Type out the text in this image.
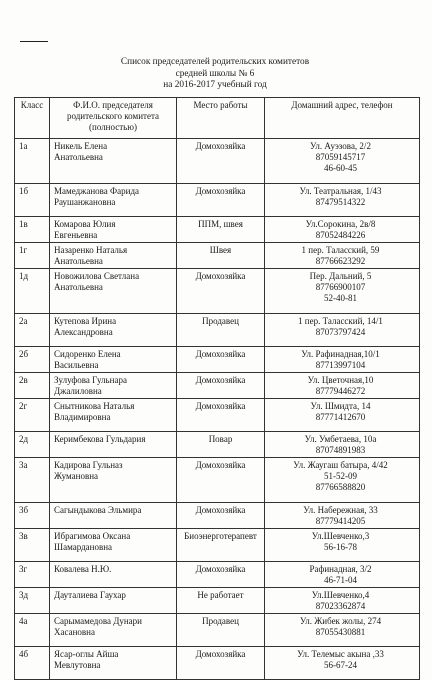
Список председателей родительских комитетов
средней школы № 6
на 2016-2017 учебный год
Класс	Ф.И.О. председателя родительского комитета (полностью)	Место работы	Домашний адрес, телефон
1а	Никель Елена
Анатольевна	Домохозяйка	Ул. Ауэзова, 2/2
87059145717
46-60-45

1б	Мамеджанова Фарида
Раушанжановна	Домохозяйка	Ул. Театральная, 1/43
87479514322

1в	Комарова Юлия
Евгеньевна	ППМ, швея	Ул.Сорокина, 2в/8
87052484226

1г	Назаренко Наталья
Анатольевна	Швея	1 пер. Таласский, 59
87766623292

1д	Новожилова Светлана
Анатольевна	Домохозяйка	Пер. Дальний, 5
87766900107
52-40-81

2а	Кутепова Ирина
Александровна	Продавец	1 пер. Таласский, 14/1
87073797424

2б	Сидоренко Елена
Васильевна	Домохозяйка	Ул. Рафинадная,10/1
87713997104

2в	Зулуфова Гульнара
Джалиловна	Домохозяйка	Ул. Цветочная,10
87779446272

2г	Снытникова Наталья
Владимировна	Домохозяйка	Ул. Шмидта, 14
87771412670

2д	Керимбекова Гульдария	Повар	Ул. Умбетаева, 10а
87074891983

3а	Кадирова Гульназ
Жумановна	Домохозяйка	Ул. Жаугаш батыра, 4/42
51-52-09
87766588820

3б	Сагындыкова Эльмира	Домохозяйка	Ул. Набережная, 33
87779414205

3в	Ибрагимова Оксана
Шамардановна	Биоэнерготерапевт	Ул.Шевченко,3
56-16-78

3г	Ковалева Н.Ю.	Домохозяйка	Рафинадная, 3/2
46-71-04

3д	Дауталиева Гаухар	Не работает	Ул.Шевченко,4
87023362874

4а	Сарымамедова Дунари
Хасановна	Продавец	Ул. Жибек жолы, 274
87055430881

4б	Ясар-оглы Айша
Мевлутовна	Домохозяйка	Ул. Телемыс акына ,33
56-67-24
